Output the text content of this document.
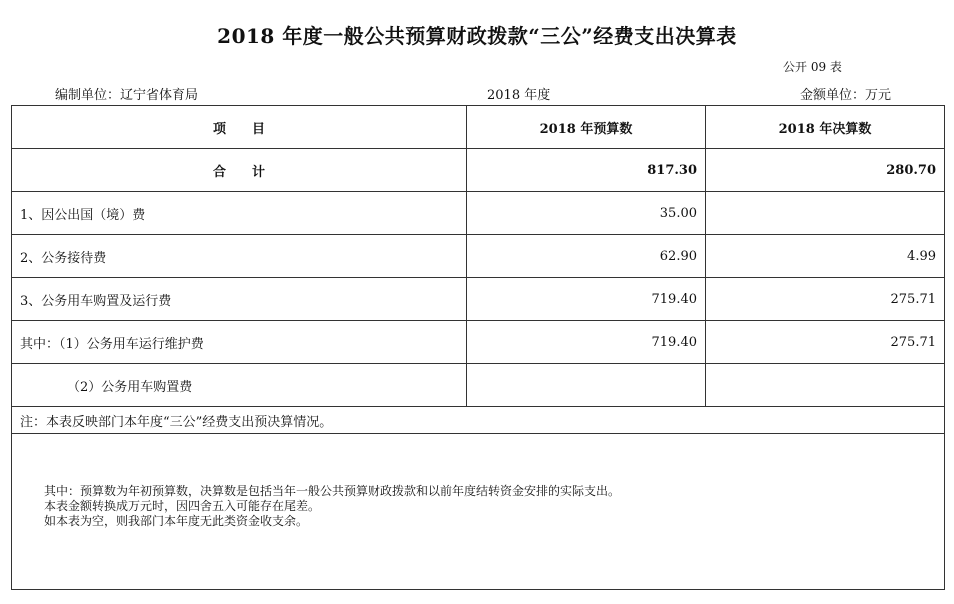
2018 年度一般公共预算财政拨款“三公”经费支出决算表
公开 09 表
编制单位：辽宁省体育局	2018 年度	金额单位：万元
项　　目	2018 年预算数	2018 年决算数
合　　计	817.30	280.70
1、因公出国（境）费	35.00	
2、公务接待费	62.90	4.99
3、公务用车购置及运行费	719.40	275.71
其中：（1）公务用车运行维护费	719.40	275.71
（2）公务用车购置费		
注：本表反映部门本年度“三公”经费支出预决算情况。		

其中：预算数为年初预算数，决算数是包括当年一般公共预算财政拨款和以前年度结转资金安排的实际支出。
本表金额转换成万元时，因四舍五入可能存在尾差。
如本表为空，则我部门本年度无此类资金收支余。		
